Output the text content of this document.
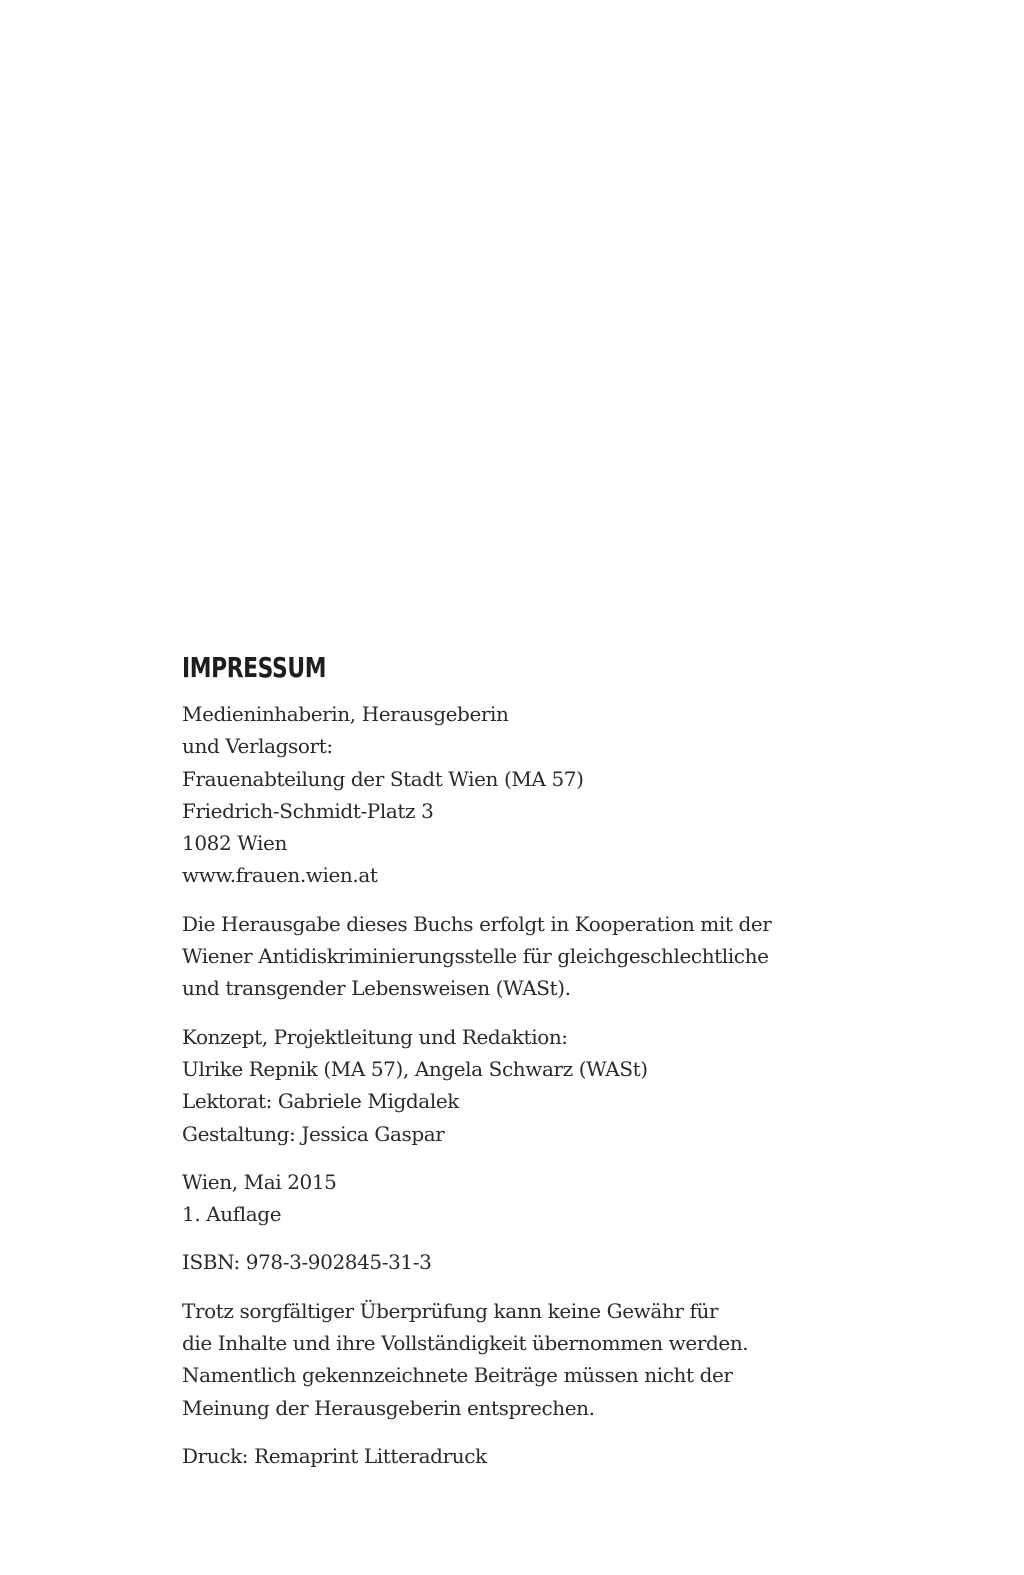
IMPRESSUM
Medieninhaberin, Herausgeberin
und Verlagsort:
Frauenabteilung der Stadt Wien (MA 57)
Friedrich-Schmidt-Platz 3
1082 Wien
www.frauen.wien.at
Die Herausgabe dieses Buchs erfolgt in Kooperation mit der
Wiener Antidiskriminierungsstelle für gleichgeschlechtliche
und transgender Lebensweisen (WASt).
Konzept, Projektleitung und Redaktion:
Ulrike Repnik (MA 57), Angela Schwarz (WASt)
Lektorat: Gabriele Migdalek
Gestaltung: Jessica Gaspar
Wien, Mai 2015
1. Auflage
ISBN: 978-3-902845-31-3
Trotz sorgfältiger Überprüfung kann keine Gewähr für
die Inhalte und ihre Vollständigkeit übernommen werden.
Namentlich gekennzeichnete Beiträge müssen nicht der
Meinung der Herausgeberin entsprechen.
Druck: Remaprint Litteradruck
